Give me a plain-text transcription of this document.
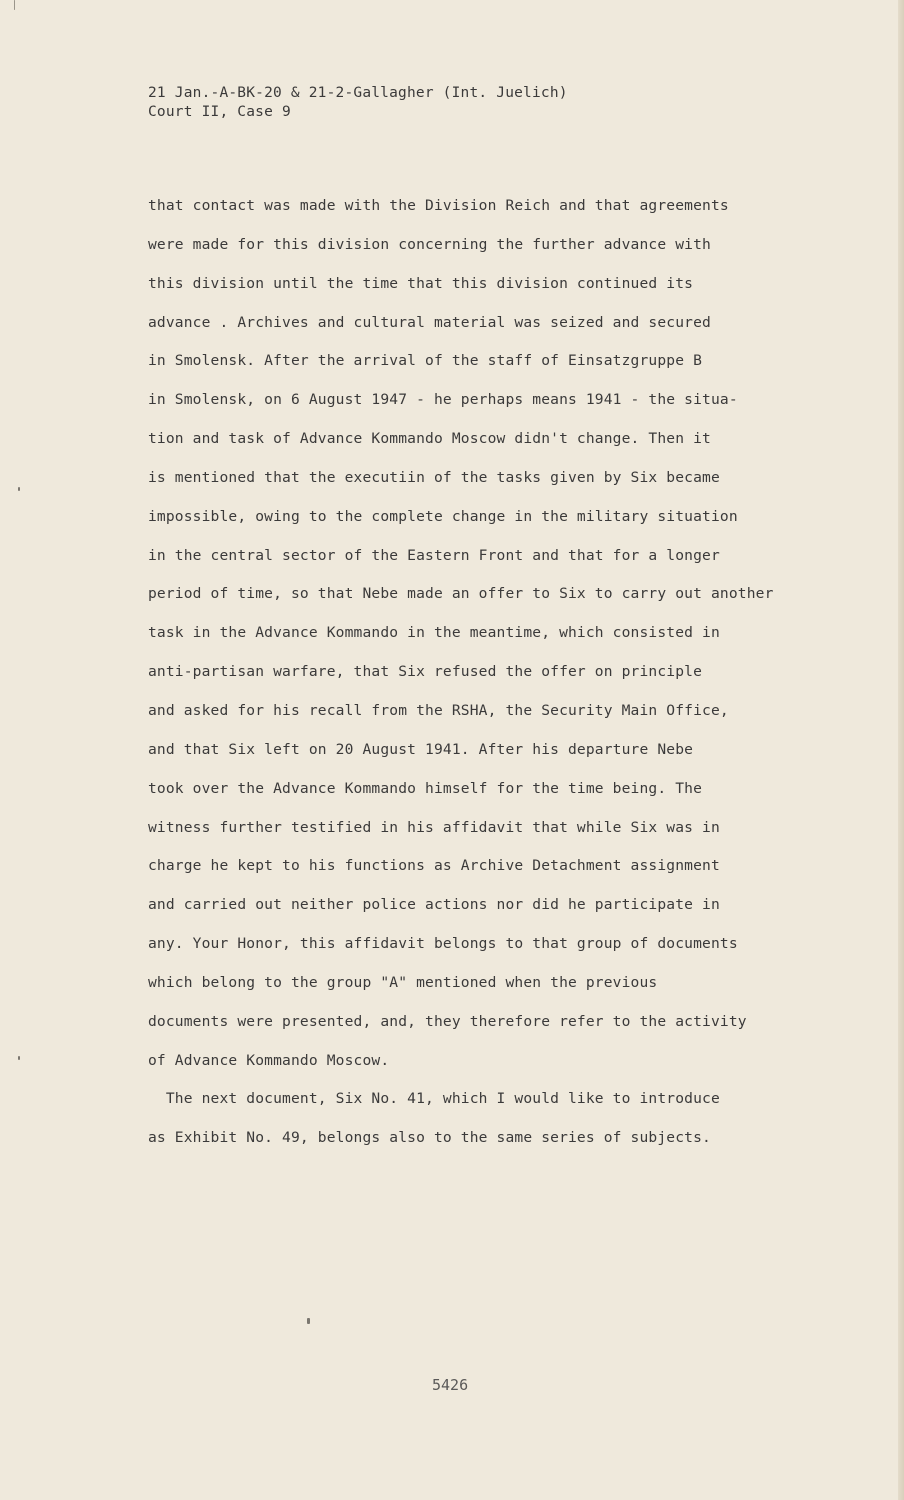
21 Jan.-A-BK-20 & 21-2-Gallagher (Int. Juelich)
Court II, Case 9
that contact was made with the Division Reich and that agreements
were made for this division concerning the further advance with
this division until the time that this division continued its
advance . Archives and cultural material was seized and secured
in Smolensk. After the arrival of the staff of Einsatzgruppe B
in Smolensk, on 6 August 1947 - he perhaps means 1941 - the situa-
tion and task of Advance Kommando Moscow didn't change. Then it
is mentioned that the executiin of the tasks given by Six became
impossible, owing to the complete change in the military situation
in the central sector of the Eastern Front and that for a longer
period of time, so that Nebe made an offer to Six to carry out another
task in the Advance Kommando in the meantime, which consisted in
anti-partisan warfare, that Six refused the offer on principle
and asked for his recall from the RSHA, the Security Main Office,
and that Six left on 20 August 1941. After his departure Nebe
took over the Advance Kommando himself for the time being. The
witness further testified in his affidavit that while Six was in
charge he kept to his functions as Archive Detachment assignment
and carried out neither police actions nor did he participate in
any. Your Honor, this affidavit belongs to that group of documents
which belong to the group "A" mentioned when the previous
documents were presented, and, they therefore refer to the activity
of Advance Kommando Moscow.
The next document, Six No. 41, which I would like to introduce
as Exhibit No. 49, belongs also to the same series of subjects.
5426
